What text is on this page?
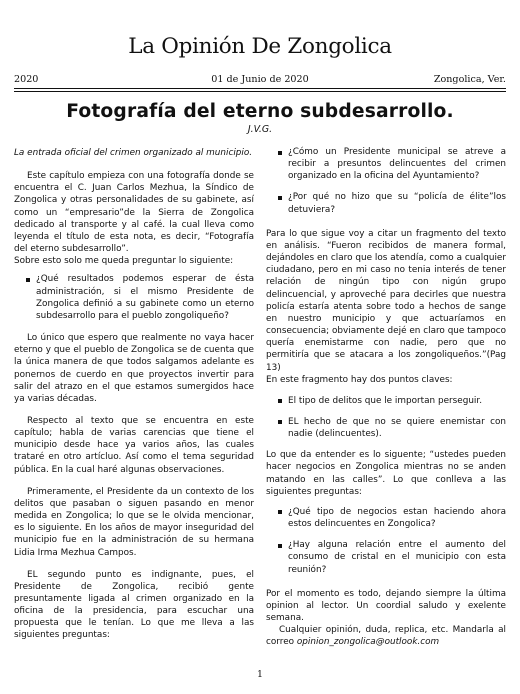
La Opinión De Zongolica
2020	01 de Junio de 2020	Zongolica, Ver.
Fotografía del eterno subdesarrollo.
J.V.G.

La entrada oficial del crimen organizado al municipio.

Este capítulo empieza con una fotografía donde se encuentra el C. Juan Carlos Mezhua, la Síndico de Zongolica y otras personalidades de su gabinete, así como un “empresario”de la Sierra de Zongolica dedicado al transporte y al café. la cual lleva como leyenda el título de esta nota, es decir, “Fotografía del eterno subdesarrollo”.

Sobre esto solo me queda preguntar lo siguiente:

¿Qué resultados podemos esperar de ésta administración, si el mismo Presidente de Zongolica definió a su gabinete como un eterno subdesarrollo para el pueblo zongoliqueño?

Lo único que espero que realmente no vaya hacer eterno y que el pueblo de Zongolica se de cuenta que la única manera de que todos salgamos adelante es ponernos de cuerdo en que proyectos invertir para salir del atrazo en el que estamos sumergidos hace ya varias décadas.

Respecto al texto que se encuentra en este capítulo; habla de varias carencias que tiene el municipio desde hace ya varios años, las cuales trataré en otro artícluo. Así como el tema seguridad pública. En la cual haré algunas observaciones.

Primeramente, el Presidente da un contexto de los delitos que pasaban o siguen pasando en menor medida en Zongolica; lo que se le olvida mencionar, es lo siguiente. En los años de mayor inseguridad del municipio fue en la administración de su hermana Lidia Irma Mezhua Campos.

EL segundo punto es indignante, pues, el Presidente de Zongolica, recibió gente presuntamente ligada al crimen organizado en la oficina de la presidencia, para escuchar una propuesta que le tenían. Lo que me lleva a las siguientes preguntas:

¿Cómo un Presidente municipal se atreve a recibir a presuntos delincuentes del crimen organizado en la oficina del Ayuntamiento?
¿Por qué no hizo que su “policía de élite”los detuviera?

Para lo que sigue voy a citar un fragmento del texto en análisis. “Fueron recibidos de manera formal, dejándoles en claro que los atendía, como a cualquier ciudadano, pero en mi caso no tenia interés de tener relación de ningún tipo con nigún grupo delincuencial, y aproveché para decirles que nuestra policía estaría atenta sobre todo a hechos de sange en nuestro municipio y que actuaríamos en consecuencia; obviamente dejé en claro que tampoco quería enemistarme con nadie, pero que no permitiría que se atacara a los zongoliqueños.”(Pag 13)

En este fragmento hay dos puntos claves:

El tipo de delitos que le importan perseguir.
EL hecho de que no se quiere enemistar con nadie (delincuentes).

Lo que da entender es lo siguente; “ustedes pueden hacer negocios en Zongolica mientras no se anden matando en las calles”. Lo que conlleva a las siguientes preguntas:

¿Qué tipo de negocios estan haciendo ahora estos delincuentes en Zongolica?
¿Hay alguna relación entre el aumento del consumo de cristal en el municipio con esta reunión?

Por el momento es todo, dejando siempre la última opinion al lector. Un coordial saludo y exelente semana.

Cualquier opinión, duda, replica, etc. Mandarla al correo opinion_zongolica@outlook.com

1
